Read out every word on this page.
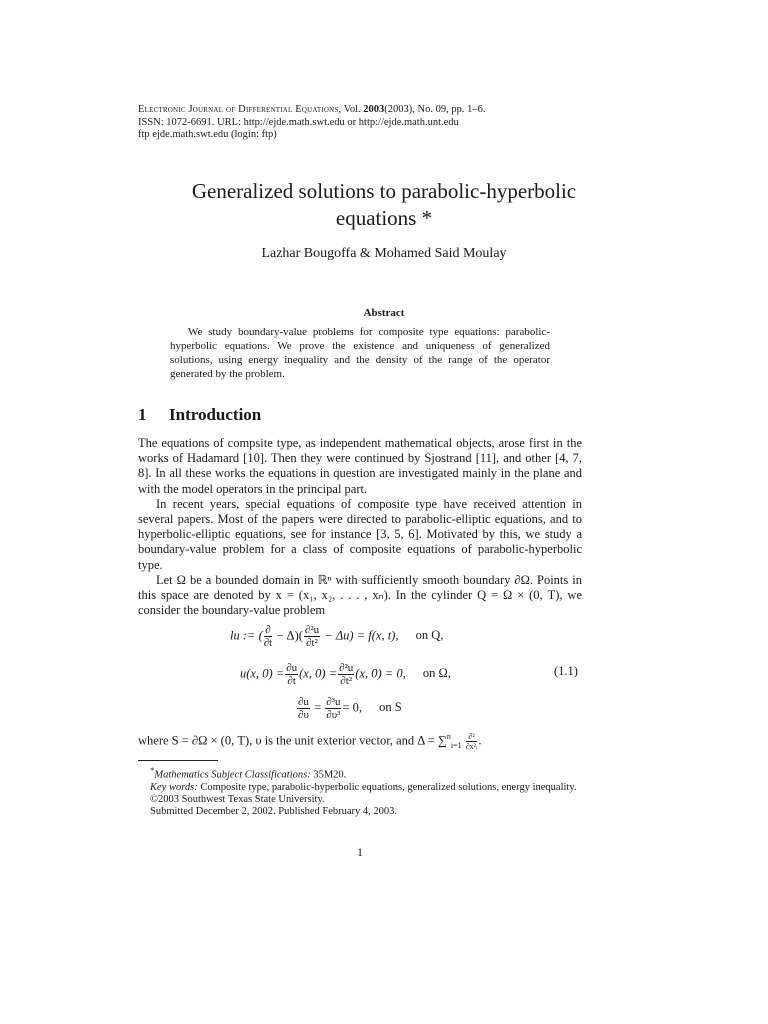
Electronic Journal of Differential Equations, Vol. 2003(2003), No. 09, pp. 1–6.
ISSN: 1072-6691. URL: http://ejde.math.swt.edu or http://ejde.math.unt.edu
ftp ejde.math.swt.edu (login: ftp)
Generalized solutions to parabolic-hyperbolic
equations *
Lazhar Bougoffa & Mohamed Said Moulay
Abstract
We study boundary-value problems for composite type equations: parabolic-hyperbolic equations. We prove the existence and uniqueness of generalized solutions, using energy inequality and the density of the range of the operator generated by the problem.
1 Introduction

The equations of compsite type, as independent mathematical objects, arose first in the works of Hadamard [10]. Then they were continued by Sjostrand [11], and other [4, 7, 8]. In all these works the equations in question are investigated mainly in the plane and with the model operators in the principal part.

In recent years, special equations of composite type have received attention in several papers. Most of the papers were directed to parabolic-elliptic equations, and to hyperbolic-elliptic equations, see for instance [3, 5, 6]. Motivated by this, we study a boundary-value problem for a class of composite equations of parabolic-hyperbolic type.

Let Ω be a bounded domain in ℝⁿ with sufficiently smooth boundary ∂Ω. Points in this space are denoted by x = (x₁, x₂, . . . , xₙ). In the cylinder Q = Ω × (0, T), we consider the boundary-value problem

lu := ( $\frac{\partial}{\partial t} - \Delta)( \frac{\text{∂²u}}{\text{∂t²}} - \Delta u) = f(x$, t), on Q,
u(x, $0) = \frac{\partial u}{\partial t} (x$, $0) = \frac{\text{∂²u}}{\text{∂t²}} (x$, 0) = 0, on Ω,
$\frac{\partial u}{\partial\upsilon} = \frac{\text{∂³u}}{\text{∂υ³}} = 0$, on S
(1.1)
where S = ∂Ω × (0, T), υ is the unit exterior vector, and $\Delta = \sum^n_{i=1} \frac{\text{∂²}}{\text{∂x²ᵢ}}$ .
*Mathematics Subject Classifications: 35M20.
Key words: Composite type, parabolic-hyperbolic equations, generalized solutions, energy inequality.
©2003 Southwest Texas State University.
Submitted December 2, 2002. Published February 4, 2003.
1
